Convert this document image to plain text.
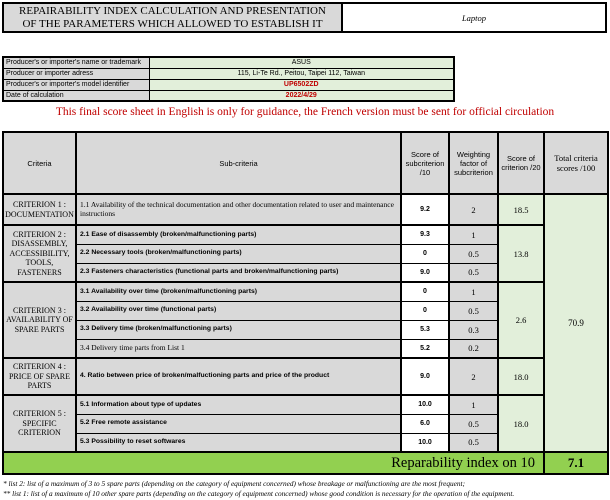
REPAIRABILITY INDEX CALCULATION AND PRESENTATION OF THE PARAMETERS WHICH ALLOWED TO ESTABLISH IT	Laptop
Producer's or importer's name or trademark	ASUS
Producer or importer adress	115, Li-Te Rd., Peitou, Taipei 112, Taiwan
Producer's or importer's model identifier	UP6502ZD
Date of calculation	2022/4/29
This final score sheet in English is only for guidance, the French version must be sent for official circulation
Criteria	Sub-criteria	Score of subcriterion /10	Weighting factor of subcriterion	Score of criterion /20	Total criteria scores /100
CRITERION 1 : DOCUMENTATION	1.1 Availability of the technical documentation and other documentation related to user and maintenance instructions	9.2	2	18.5	70.9
CRITERION 2 : DISASSEMBLY, ACCESSIBILITY, TOOLS, FASTENERS	2.1 Ease of disassembly (broken/malfunctioning parts)	9.3	1	13.8	
	2.2 Necessary tools (broken/malfunctioning parts)	0	0.5		
	2.3 Fasteners characteristics (functional parts and broken/malfunctioning parts)	9.0	0.5		
CRITERION 3 : AVAILABILITY OF SPARE PARTS	3.1 Availability over time (broken/malfunctioning parts)	0	1	2.6	
	3.2 Availability over time (functional parts)	0	0.5		
	3.3 Delivery time (broken/malfunctioning parts)	5.3	0.3		
	3.4 Delivery time parts from List 1	5.2	0.2		
CRITERION 4 : PRICE OF SPARE PARTS	4. Ratio between price of broken/malfuctioning parts and price of the product	9.0	2	18.0	
CRITERION 5 : SPECIFIC CRITERION	5.1 Information about type of updates	10.0	1	18.0	
	5.2 Free remote assistance	6.0	0.5		
	5.3 Possibility to reset softwares	10.0	0.5		
Reparability index on 10					7.1
* list 2: list of a maximum of 3 to 5 spare parts (depending on the category of equipment concerned) whose breakage or malfunctioning are the most frequent;
** list 1: list of a maximum of 10 other spare parts (depending on the category of equipment concerned) whose good condition is necessary for the operation of the equipment.
